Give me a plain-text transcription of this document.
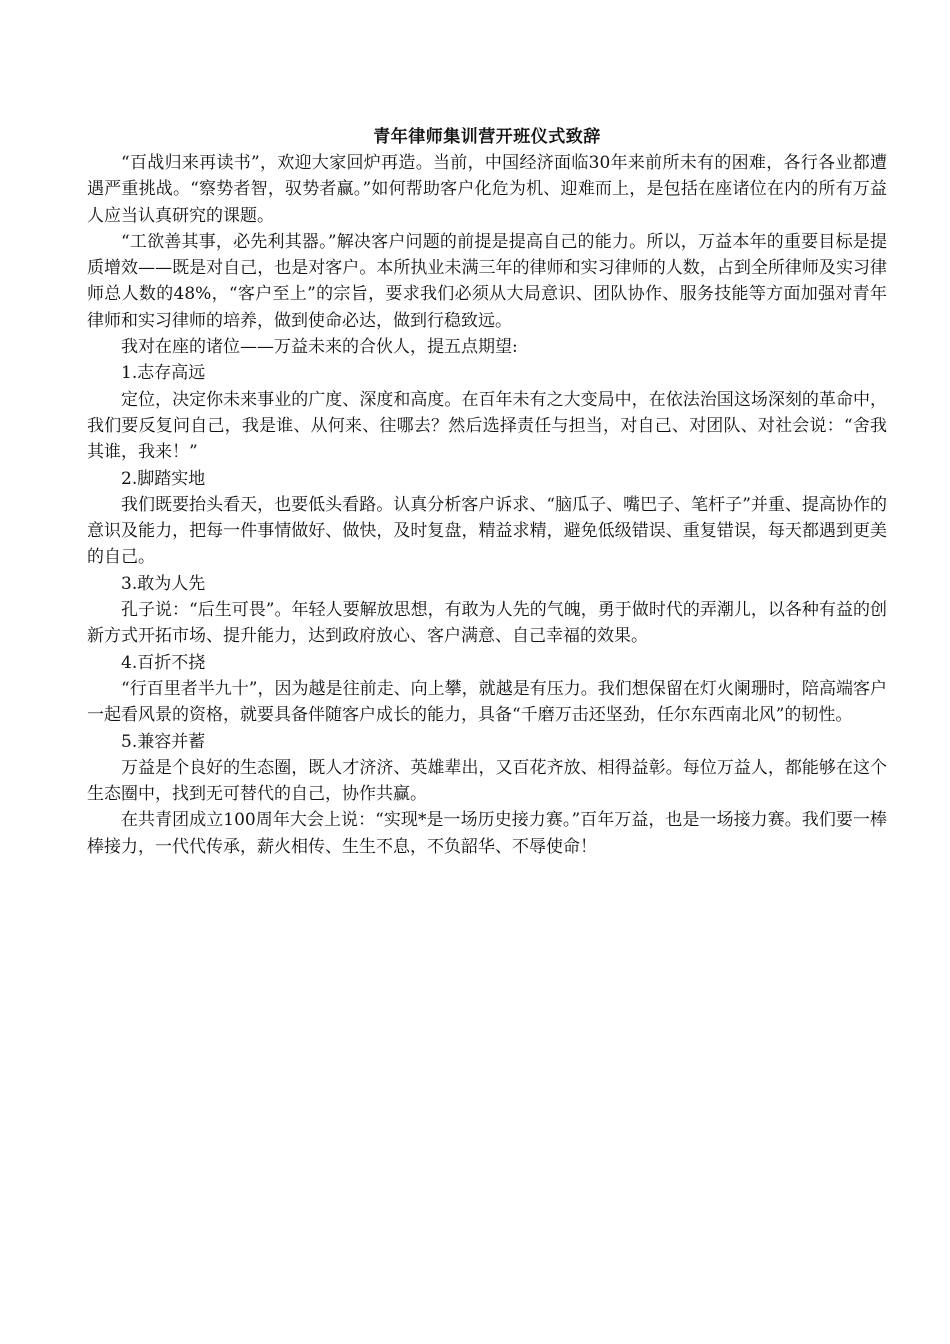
青年律师集训营开班仪式致辞

“百战归来再读书”，欢迎大家回炉再造。当前，中国经济面临30年来前所未有的困难，各行各业都遭遇严重挑战。“察势者智，驭势者赢。”如何帮助客户化危为机、迎难而上，是包括在座诸位在内的所有万益人应当认真研究的课题。

“工欲善其事，必先利其器。”解决客户问题的前提是提高自己的能力。所以，万益本年的重要目标是提质增效——既是对自己，也是对客户。本所执业未满三年的律师和实习律师的人数，占到全所律师及实习律师总人数的48%，“客户至上”的宗旨，要求我们必须从大局意识、团队协作、服务技能等方面加强对青年律师和实习律师的培养，做到使命必达，做到行稳致远。

我对在座的诸位——万益未来的合伙人，提五点期望:

1.志存高远

定位，决定你未来事业的广度、深度和高度。在百年未有之大变局中，在依法治国这场深刻的革命中，我们要反复问自己，我是谁、从何来、往哪去？然后选择责任与担当，对自己、对团队、对社会说：“舍我其谁，我来！”

2.脚踏实地

我们既要抬头看天，也要低头看路。认真分析客户诉求、“脑瓜子、嘴巴子、笔杆子”并重、提高协作的意识及能力，把每一件事情做好、做快，及时复盘，精益求精，避免低级错误、重复错误，每天都遇到更美的自己。

3.敢为人先

孔子说：“后生可畏”。年轻人要解放思想，有敢为人先的气魄，勇于做时代的弄潮儿，以各种有益的创新方式开拓市场、提升能力，达到政府放心、客户满意、自己幸福的效果。

4.百折不挠

“行百里者半九十”，因为越是往前走、向上攀，就越是有压力。我们想保留在灯火阑珊时，陪高端客户一起看风景的资格，就要具备伴随客户成长的能力，具备“千磨万击还坚劲，任尔东西南北风”的韧性。

5.兼容并蓄

万益是个良好的生态圈，既人才济济、英雄辈出，又百花齐放、相得益彰。每位万益人，都能够在这个生态圈中，找到无可替代的自己，协作共赢。

在共青团成立100周年大会上说：“实现*是一场历史接力赛。”百年万益，也是一场接力赛。我们要一棒棒接力，一代代传承，薪火相传、生生不息，不负韶华、不辱使命！
